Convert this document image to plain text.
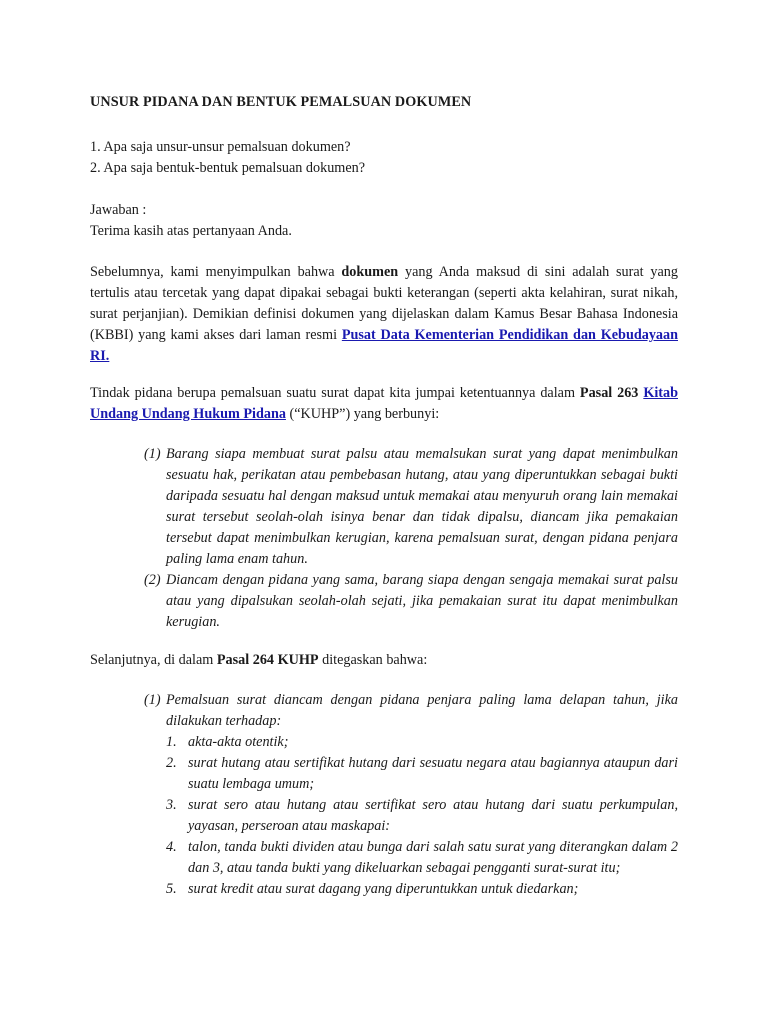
UNSUR PIDANA DAN BENTUK PEMALSUAN DOKUMEN
1. Apa saja unsur-unsur pemalsuan dokumen?
2. Apa saja bentuk-bentuk pemalsuan dokumen?
Jawaban :
Terima kasih atas pertanyaan Anda.

Sebelumnya, kami menyimpulkan bahwa dokumen yang Anda maksud di sini adalah surat yang tertulis atau tercetak yang dapat dipakai sebagai bukti keterangan (seperti akta kelahiran, surat nikah, surat perjanjian). Demikian definisi dokumen yang dijelaskan dalam Kamus Besar Bahasa Indonesia (KBBI) yang kami akses dari laman resmi Pusat Data Kementerian Pendidikan dan Kebudayaan RI.

Tindak pidana berupa pemalsuan suatu surat dapat kita jumpai ketentuannya dalam Pasal 263 Kitab Undang Undang Hukum Pidana (“KUHP”) yang berbunyi:

(1) Barang siapa membuat surat palsu atau memalsukan surat yang dapat menimbulkan sesuatu hak, perikatan atau pembebasan hutang, atau yang diperuntukkan sebagai bukti daripada sesuatu hal dengan maksud untuk memakai atau menyuruh orang lain memakai surat tersebut seolah-olah isinya benar dan tidak dipalsu, diancam jika pemakaian tersebut dapat menimbulkan kerugian, karena pemalsuan surat, dengan pidana penjara paling lama enam tahun.
(2) Diancam dengan pidana yang sama, barang siapa dengan sengaja memakai surat palsu atau yang dipalsukan seolah-olah sejati, jika pemakaian surat itu dapat menimbulkan kerugian.

Selanjutnya, di dalam Pasal 264 KUHP ditegaskan bahwa:

(1) Pemalsuan surat diancam dengan pidana penjara paling lama delapan tahun, jika dilakukan terhadap:
1. akta-akta otentik;
2. surat hutang atau sertifikat hutang dari sesuatu negara atau bagiannya ataupun dari suatu lembaga umum;
3. surat sero atau hutang atau sertifikat sero atau hutang dari suatu perkumpulan, yayasan, perseroan atau maskapai:
4. talon, tanda bukti dividen atau bunga dari salah satu surat yang diterangkan dalam 2 dan 3, atau tanda bukti yang dikeluarkan sebagai pengganti surat-surat itu;
5. surat kredit atau surat dagang yang diperuntukkan untuk diedarkan;
